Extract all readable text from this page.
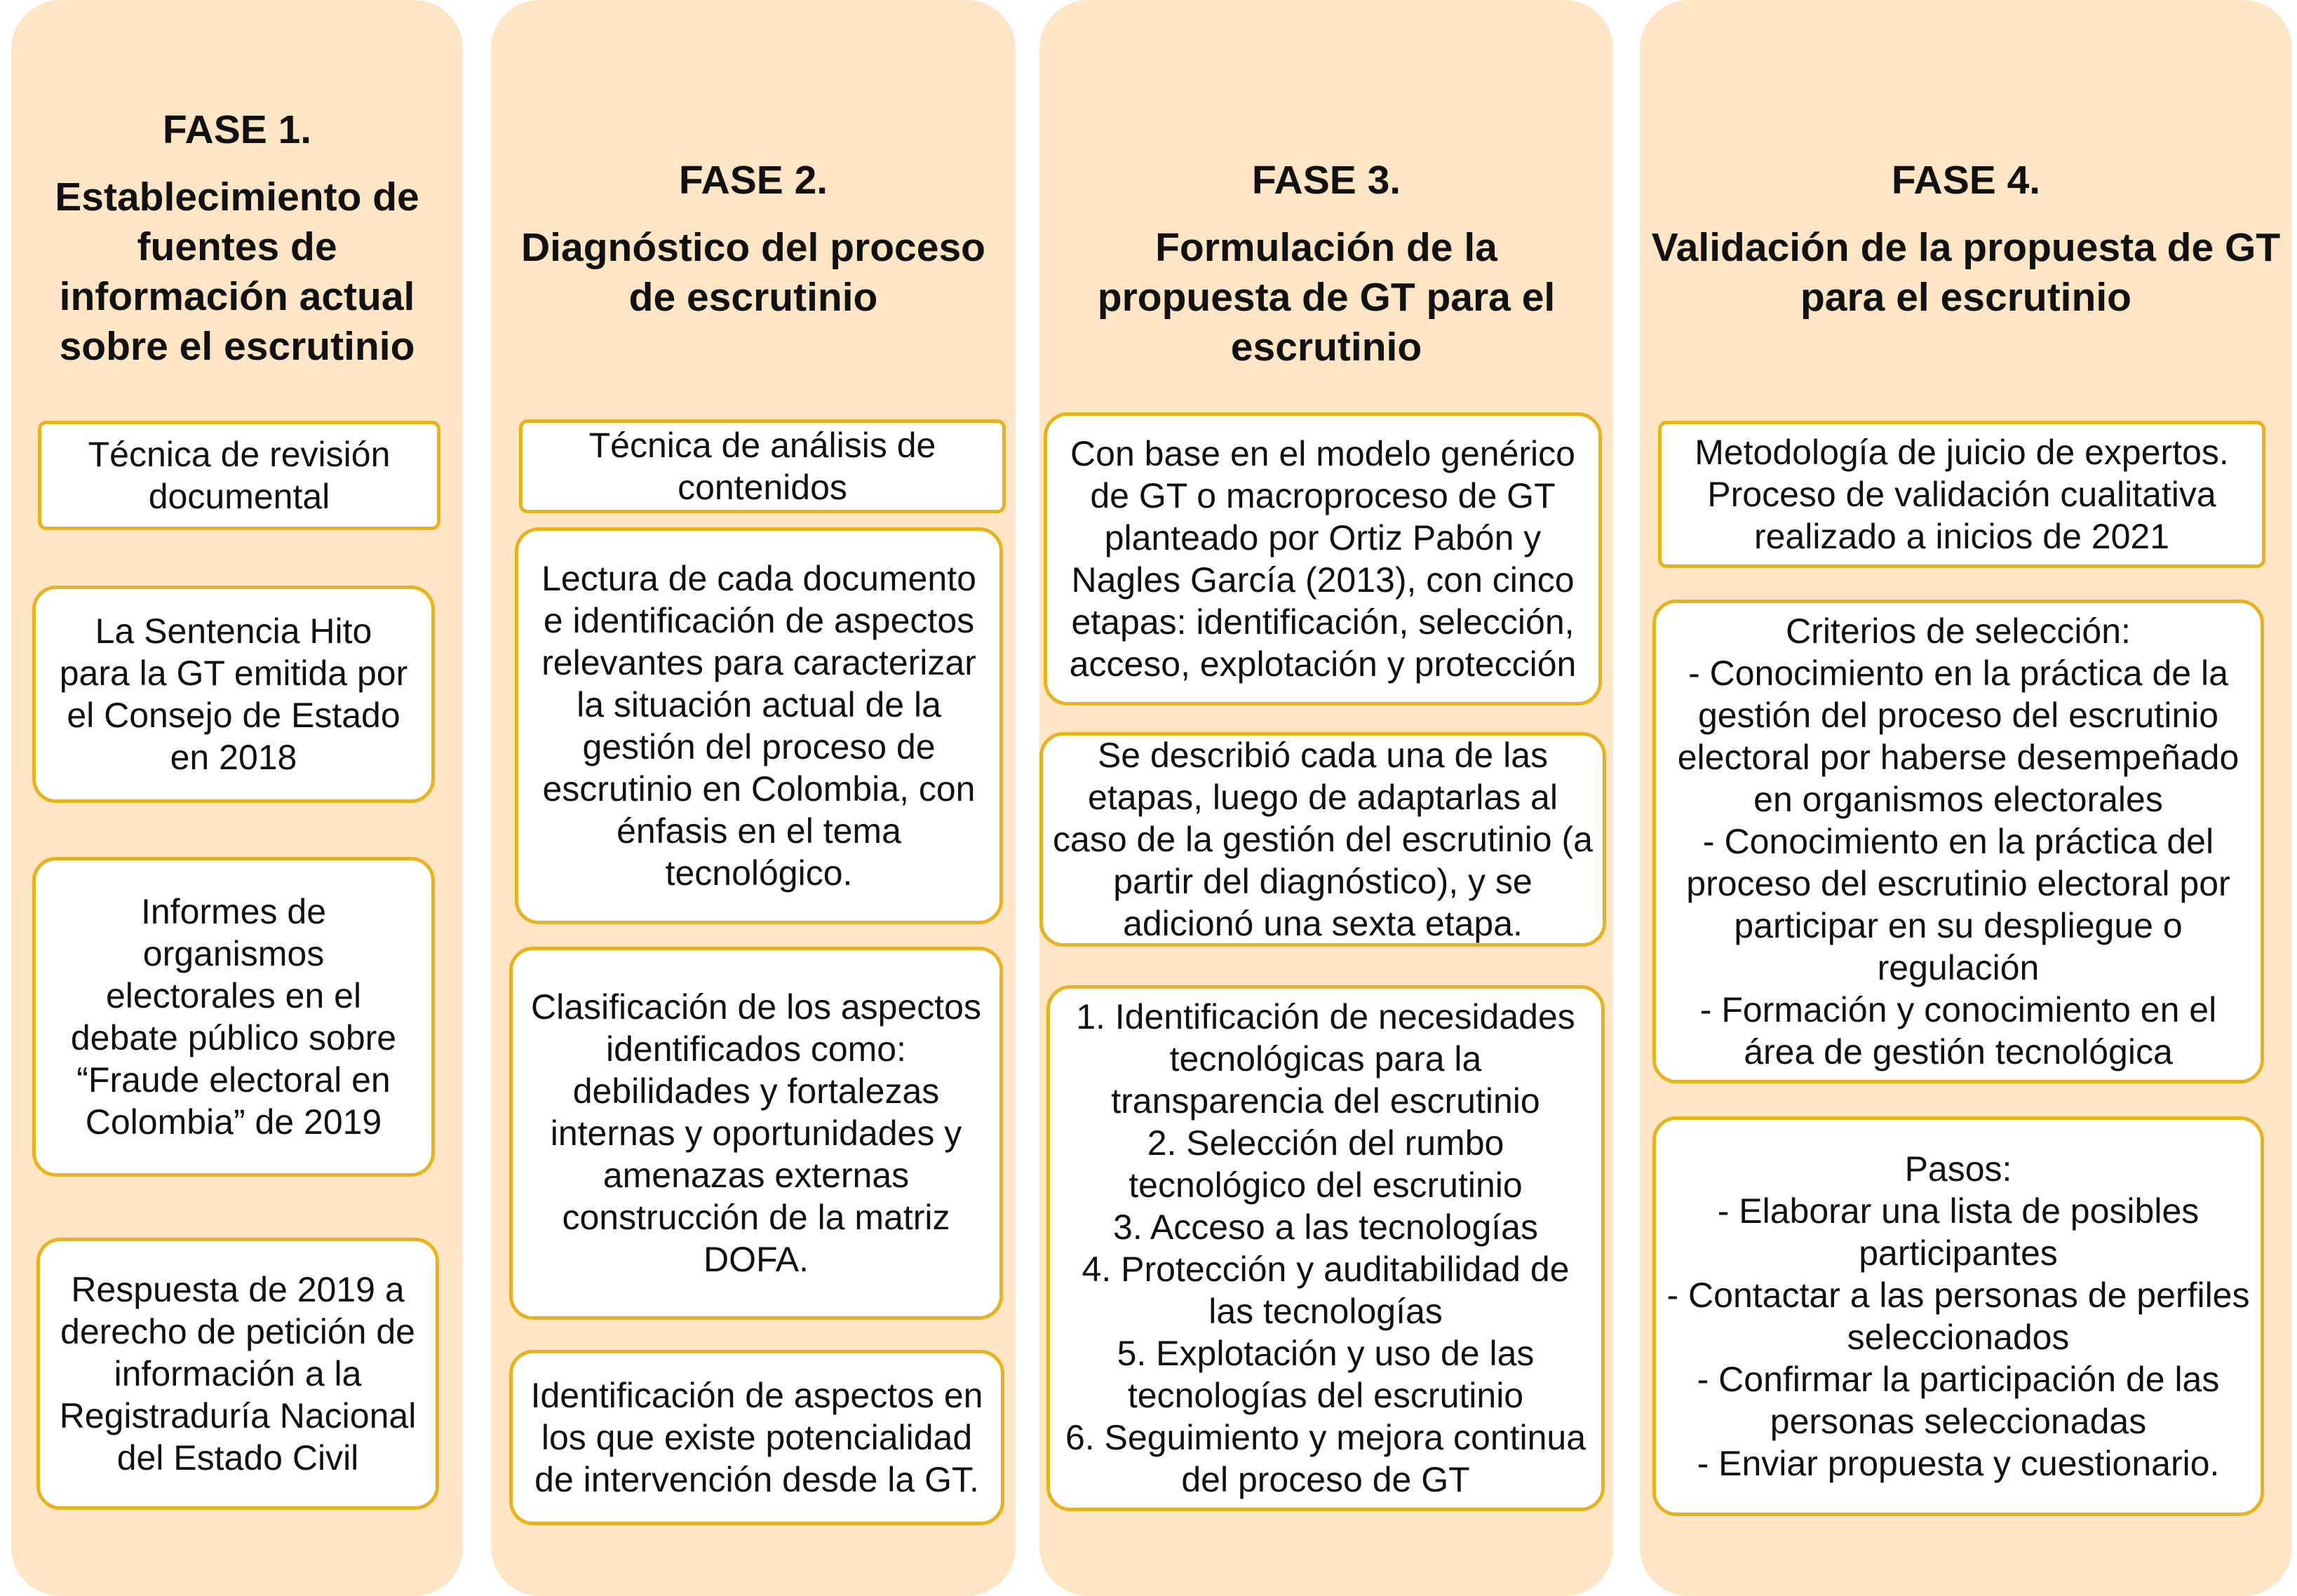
FASE 1.
Establecimiento de fuentes de información actual sobre el escrutinio
Técnica de revisión documental
La Sentencia Hito para la GT emitida por el Consejo de Estado en 2018
Informes de organismos electorales en el debate público sobre “Fraude electoral en Colombia” de 2019
Respuesta de 2019 a derecho de petición de información a la Registraduría Nacional del Estado Civil
FASE 2.
Diagnóstico del proceso de escrutinio
Técnica de análisis de contenidos
Lectura de cada documento e identificación de aspectos relevantes para caracterizar la situación actual de la gestión del proceso de escrutinio en Colombia, con énfasis en el tema tecnológico.
Clasificación de los aspectos identificados como: debilidades y fortalezas internas y oportunidades y amenazas externas construcción de la matriz DOFA.
Identificación de aspectos en los que existe potencialidad de intervención desde la GT.
FASE 3.
Formulación de la propuesta de GT para el escrutinio
Con base en el modelo genérico de GT o macroproceso de GT planteado por Ortiz Pabón y Nagles García (2013), con cinco etapas: identificación, selección, acceso, explotación y protección
Se describió cada una de las etapas, luego de adaptarlas al caso de la gestión del escrutinio (a partir del diagnóstico), y se adicionó una sexta etapa.
1. Identificación de necesidades tecnológicas para la transparencia del escrutinio
2. Selección del rumbo tecnológico del escrutinio
3. Acceso a las tecnologías
4. Protección y auditabilidad de las tecnologías
5. Explotación y uso de las tecnologías del escrutinio
6. Seguimiento y mejora continua del proceso de GT
FASE 4.
Validación de la propuesta de GT para el escrutinio
Metodología de juicio de expertos. Proceso de validación cualitativa realizado a inicios de 2021
Criterios de selección:
- Conocimiento en la práctica de la gestión del proceso del escrutinio electoral por haberse desempeñado en organismos electorales
- Conocimiento en la práctica del proceso del escrutinio electoral por participar en su despliegue o regulación
- Formación y conocimiento en el área de gestión tecnológica
Pasos:
- Elaborar una lista de posibles participantes
- Contactar a las personas de perfiles seleccionados
- Confirmar la participación de las personas seleccionadas
- Enviar propuesta y cuestionario.
